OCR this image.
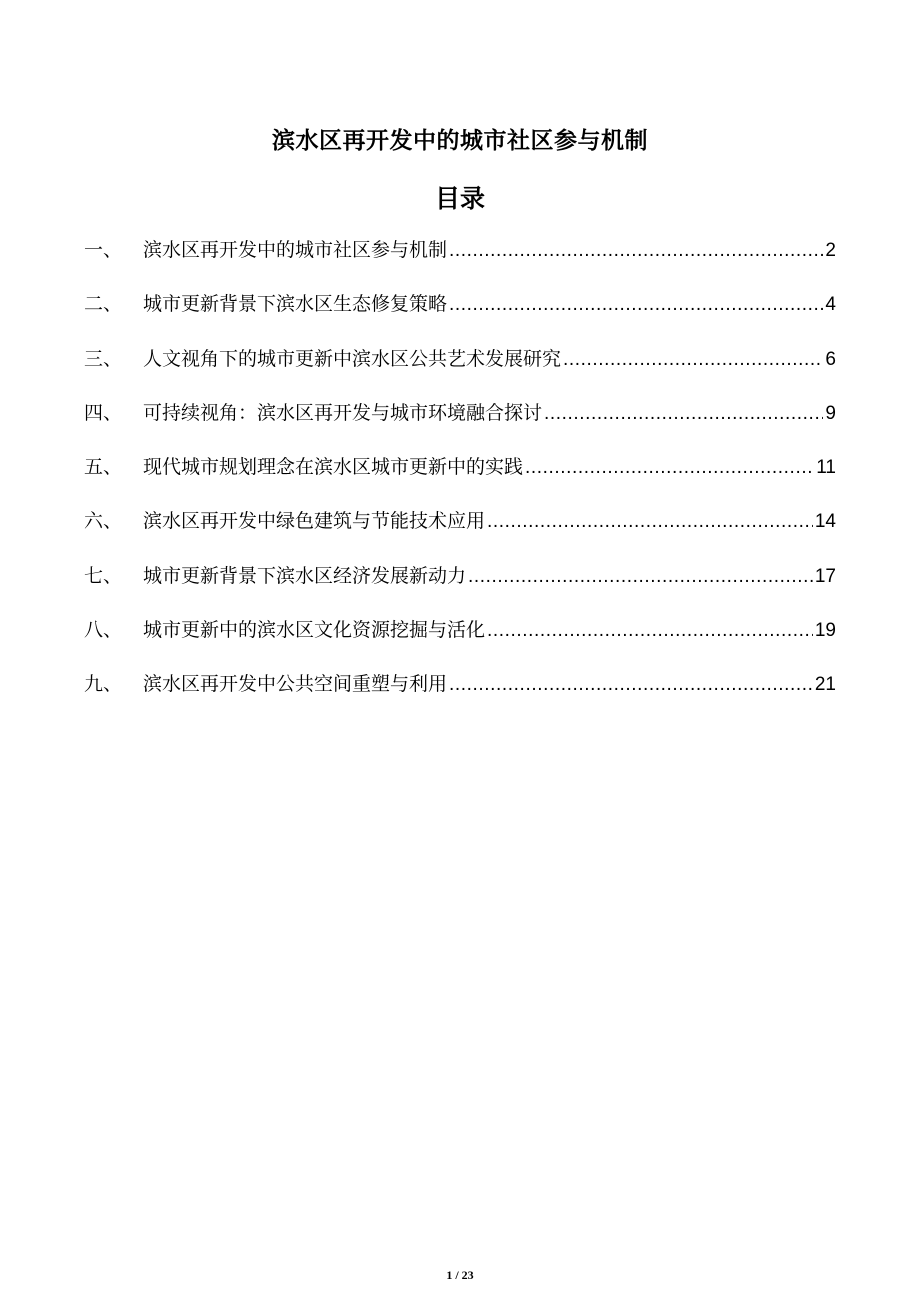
滨水区再开发中的城市社区参与机制
目录
一、	滨水区再开发中的城市社区参与机制 .....	2
二、	城市更新背景下滨水区生态修复策略 .....	4
三、	人文视角下的城市更新中滨水区公共艺术发展研究 .....	6
四、	可持续视角：滨水区再开发与城市环境融合探讨 .....	9
五、	现代城市规划理念在滨水区城市更新中的实践 .....	11
六、	滨水区再开发中绿色建筑与节能技术应用 .....	14
七、	城市更新背景下滨水区经济发展新动力 .....	17
八、	城市更新中的滨水区文化资源挖掘与活化 .....	19
九、	滨水区再开发中公共空间重塑与利用 .....	21
1 / 23
